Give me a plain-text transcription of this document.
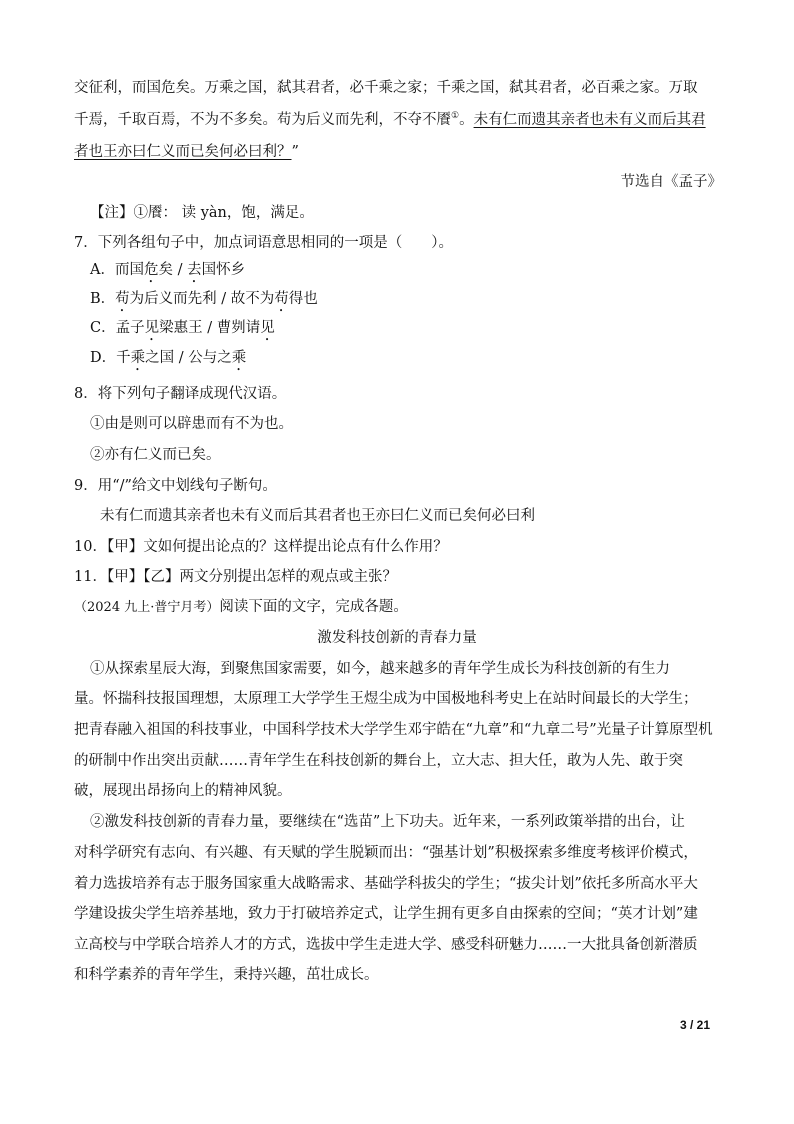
交征利，而国危矣。万乘之国，弑其君者，必千乘之家；千乘之国，弑其君者，必百乘之家。万取
千焉，千取百焉，不为不多矣。苟为后义而先利，不夺不餍①。未有仁而遗其亲者也未有义而后其君
者也王亦曰仁义而已矣何必曰利？”
节选自《孟子》
【注】①餍： 读 yàn，饱，满足。
7．下列各组句子中，加点词语意思相同的一项是（　　）。
A．而国危矣 / 去国怀乡
B．苟为后义而先利 / 故不为苟得也
C．孟子见梁惠王 / 曹刿请见
D．千乘之国 / 公与之乘
8．将下列句子翻译成现代汉语。
①由是则可以辟患而有不为也。
②亦有仁义而已矣。
9．用“/”给文中划线句子断句。
未有仁而遗其亲者也未有义而后其君者也王亦曰仁义而已矣何必曰利
10．【甲】文如何提出论点的？这样提出论点有什么作用？
11．【甲】【乙】两文分别提出怎样的观点或主张？
（2024 九上·普宁月考）阅读下面的文字，完成各题。
激发科技创新的青春力量
①从探索星辰大海，到聚焦国家需要，如今，越来越多的青年学生成长为科技创新的有生力
量。怀揣科技报国理想，太原理工大学学生王煜尘成为中国极地科考史上在站时间最长的大学生；
把青春融入祖国的科技事业，中国科学技术大学学生邓宇皓在“九章”和“九章二号”光量子计算原型机
的研制中作出突出贡献……青年学生在科技创新的舞台上，立大志、担大任，敢为人先、敢于突
破，展现出昂扬向上的精神风貌。
②激发科技创新的青春力量，要继续在“选苗”上下功夫。近年来，一系列政策举措的出台，让
对科学研究有志向、有兴趣、有天赋的学生脱颖而出：“强基计划”积极探索多维度考核评价模式，
着力选拔培养有志于服务国家重大战略需求、基础学科拔尖的学生；“拔尖计划”依托多所高水平大
学建设拔尖学生培养基地，致力于打破培养定式，让学生拥有更多自由探索的空间；“英才计划”建
立高校与中学联合培养人才的方式，选拔中学生走进大学、感受科研魅力……一大批具备创新潜质
和科学素养的青年学生，秉持兴趣，茁壮成长。
3 / 21
